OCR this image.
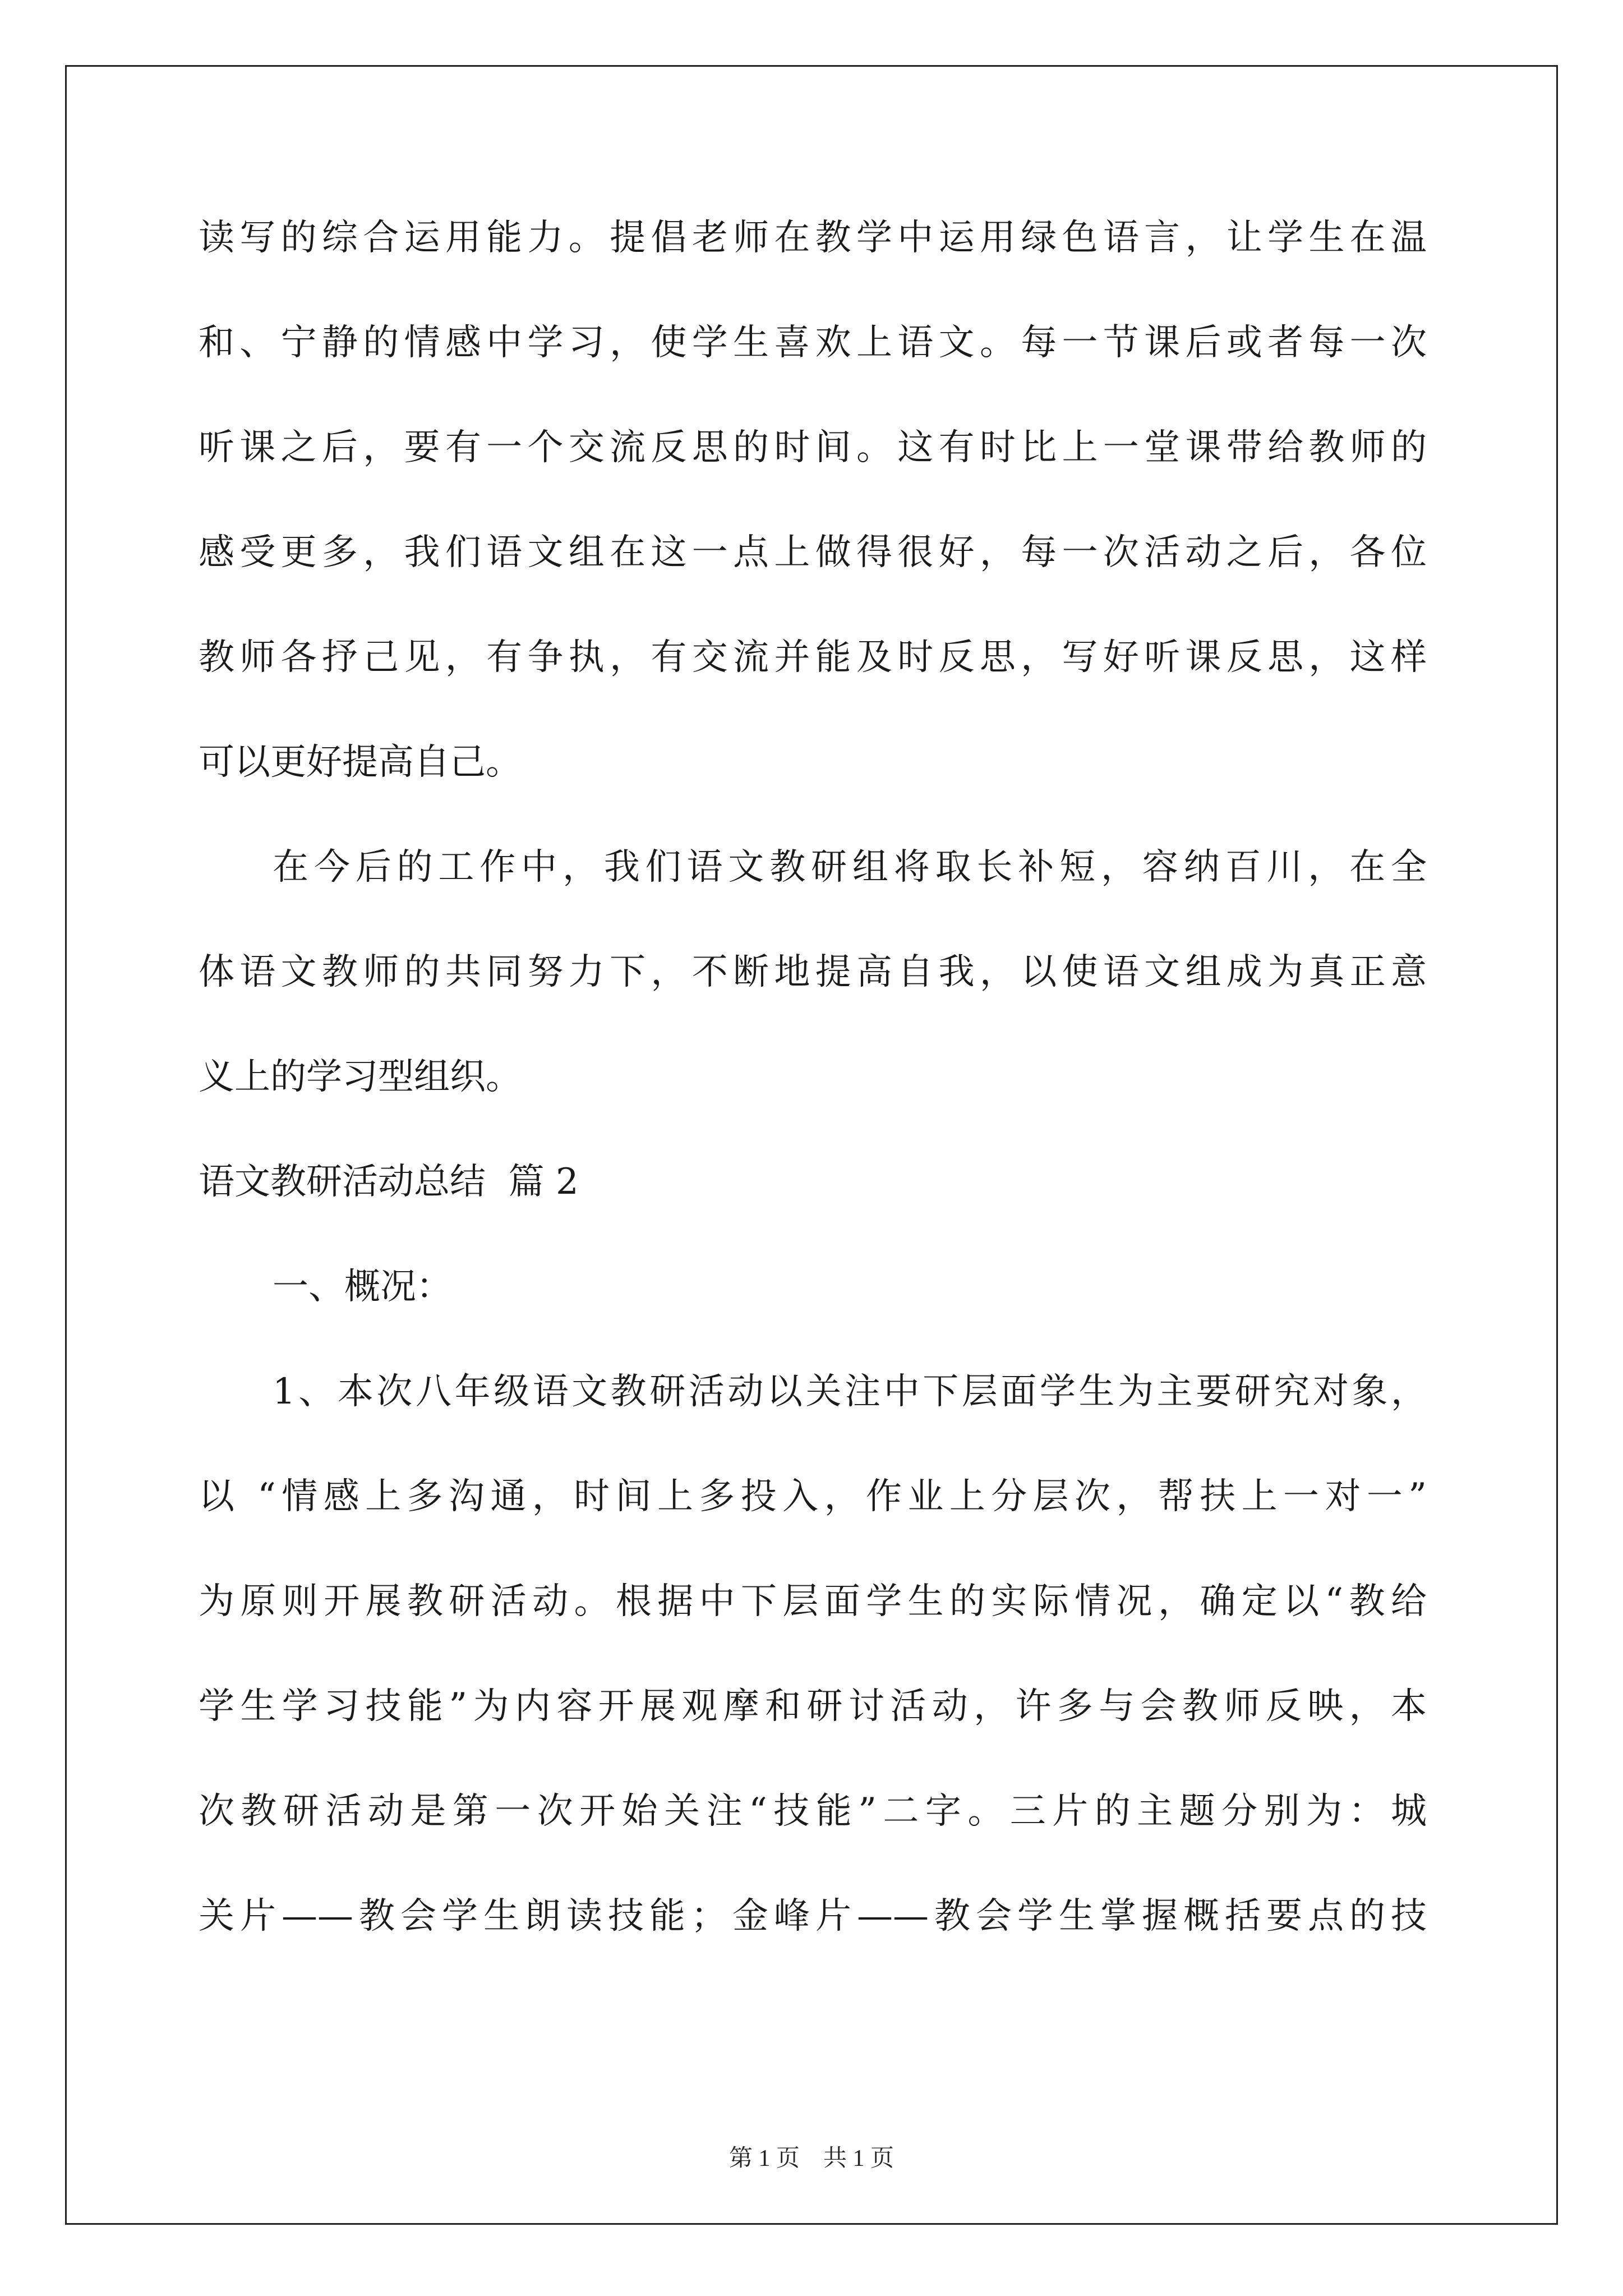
读写的综合运用能力。提倡老师在教学中运用绿色语言，让学生在温
和、宁静的情感中学习，使学生喜欢上语文。每一节课后或者每一次
听课之后，要有一个交流反思的时间。这有时比上一堂课带给教师的
感受更多，我们语文组在这一点上做得很好，每一次活动之后，各位
教师各抒己见，有争执，有交流并能及时反思，写好听课反思，这样
可以更好提高自己。
在今后的工作中，我们语文教研组将取长补短，容纳百川，在全
体语文教师的共同努力下，不断地提高自我，以使语文组成为真正意
义上的学习型组织。
语文教研活动总结  篇 2
一、概况：
1、本次八年级语文教研活动以关注中下层面学生为主要研究对象，
以 “情感上多沟通，时间上多投入，作业上分层次，帮扶上一对一”
为原则开展教研活动。根据中下层面学生的实际情况，确定以“教给
学生学习技能”为内容开展观摩和研讨活动，许多与会教师反映，本
次教研活动是第一次开始关注“技能”二字。三片的主题分别为：城
关片——教会学生朗读技能；金峰片——教会学生掌握概括要点的技
第 1 页　共 1 页
